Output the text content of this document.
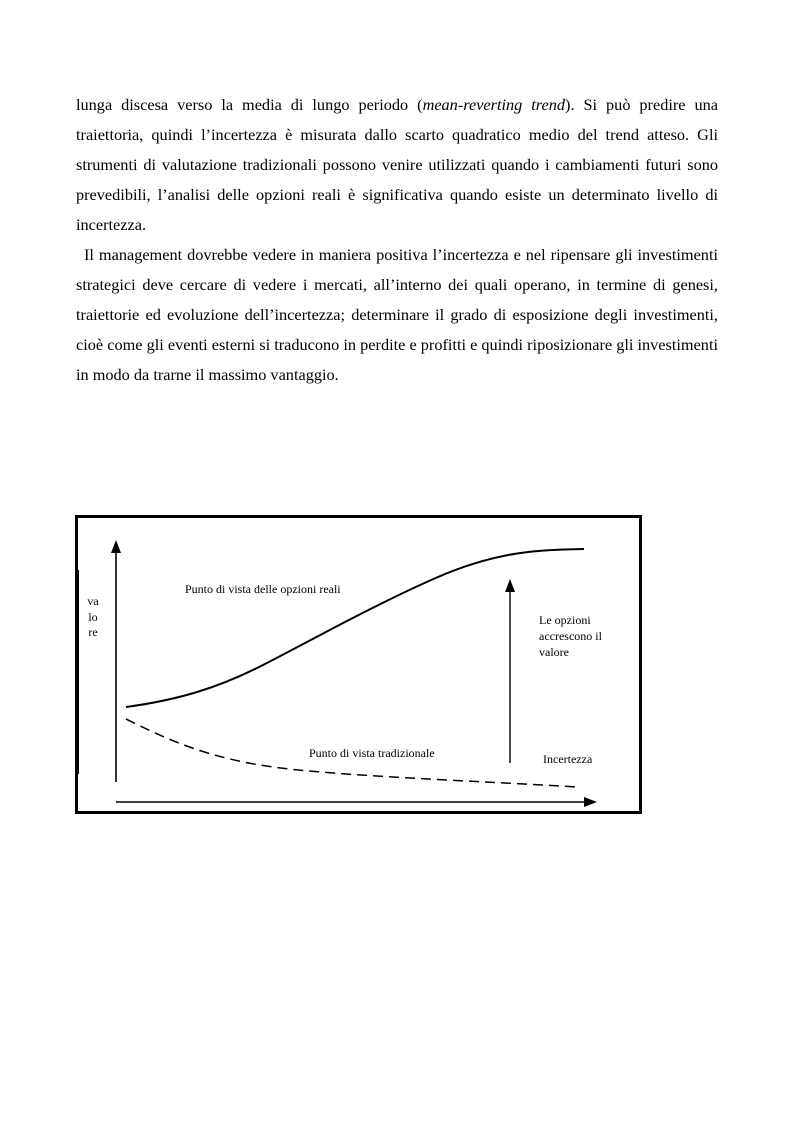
lunga discesa verso la media di lungo periodo (mean-reverting trend). Si può predire una traiettoria, quindi l’incertezza è misurata dallo scarto quadratico medio del trend atteso. Gli strumenti di valutazione tradizionali possono venire utilizzati quando i cambiamenti futuri sono prevedibili, l’analisi delle opzioni reali è significativa quando esiste un determinato livello di incertezza.

Il management dovrebbe vedere in maniera positiva l’incertezza e nel ripensare gli investimenti strategici deve cercare di vedere i mercati, all’interno dei quali operano, in termine di genesi, traiettorie ed evoluzione dell’incertezza; determinare il grado di esposizione degli investimenti, cioè come gli eventi esterni si traducono in perdite e profitti e quindi riposizionare gli investimenti in modo da trarne il massimo vantaggio.

valore
Punto di vista delle opzioni reali
Punto di vista tradizionale	Incertezza
Le opzioni accrescono il valore
